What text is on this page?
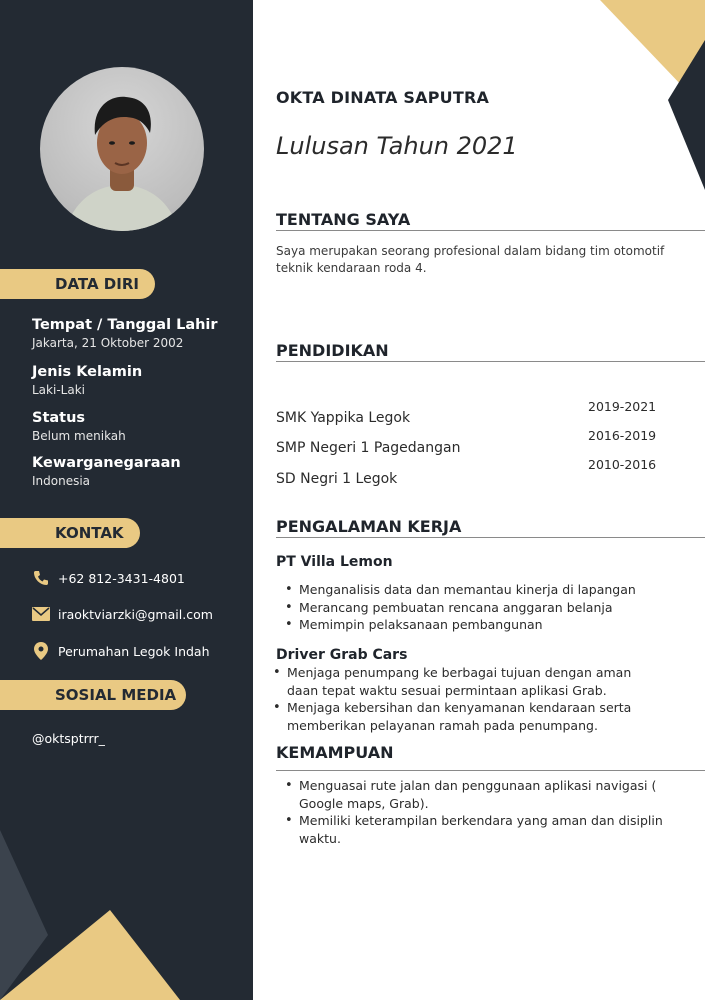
DATA DIRI
Tempat / Tanggal Lahir
Jakarta, 21 Oktober 2002
Jenis Kelamin
Laki-Laki
Status
Belum menikah
Kewarganegaraan
Indonesia
KONTAK
+62 812-3431-4801
iraoktviarzki@gmail.com
Perumahan Legok Indah
SOSIAL MEDIA
@oktsptrrr_
OKTA DINATA SAPUTRA
Lulusan Tahun 2021
TENTANG SAYA
Saya merupakan seorang profesional dalam bidang tim otomotif teknik kendaraan roda 4.
PENDIDIKAN
SMK Yappika Legok
SMP Negeri 1 Pagedangan
SD Negri 1 Legok
2019-2021
2016-2019
2010-2016
PENGALAMAN KERJA
PT Villa Lemon
• Menganalisis data dan memantau kinerja di lapangan
• Merancang pembuatan rencana anggaran belanja
• Memimpin pelaksanaan pembangunan
Driver Grab Cars
• Menjaga penumpang ke berbagai tujuan dengan aman daan tepat waktu sesuai permintaan aplikasi Grab.
• Menjaga kebersihan dan kenyamanan kendaraan serta memberikan pelayanan ramah pada penumpang.
KEMAMPUAN
• Menguasai rute jalan dan penggunaan aplikasi navigasi ( Google maps, Grab).
• Memiliki keterampilan berkendara yang aman dan disiplin waktu.
